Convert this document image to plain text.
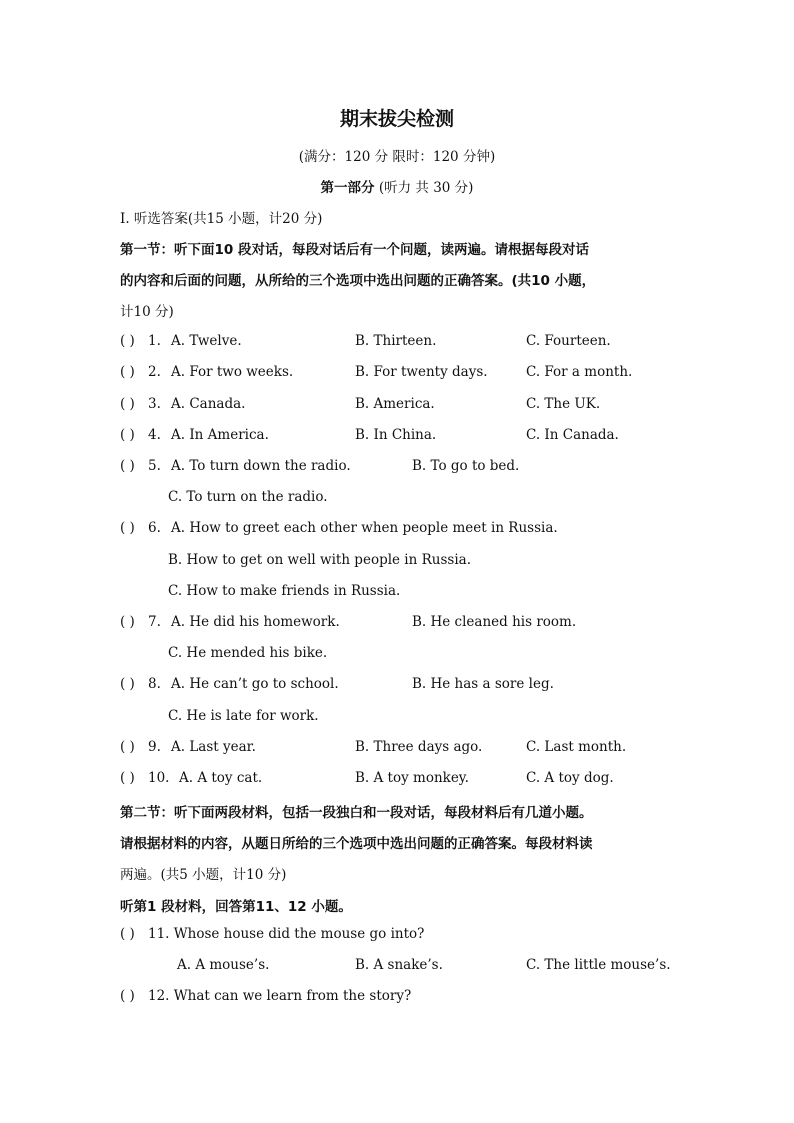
期末拔尖检测
(满分：120 分 限时：120 分钟)
第一部分 (听力 共 30 分)
I. 听选答案(共15 小题，计20 分)
第一节：听下面10 段对话，每段对话后有一个问题，读两遍。请根据每段对话
的内容和后面的问题，从所给的三个选项中选出问题的正确答案。(共10 小题，
计10 分)
( ) 1. A. Twelve.	B. Thirteen.	C. Fourteen.
( ) 2. A. For two weeks.	B. For twenty days.	C. For a month.
( ) 3. A. Canada.	B. America.	C. The UK.
( ) 4. A. In America.	B. In China.	C. In Canada.
( ) 5. A. To turn down the radio.	B. To go to bed.
C. To turn on the radio.
( ) 6. A. How to greet each other when people meet in Russia.
B. How to get on well with people in Russia.
C. How to make friends in Russia.
( ) 7. A. He did his homework.	B. He cleaned his room.
C. He mended his bike.
( ) 8. A. He can’t go to school.	B. He has a sore leg.
C. He is late for work.
( ) 9. A. Last year.	B. Three days ago.	C. Last month.
( ) 10. A. A toy cat.	B. A toy monkey.	C. A toy dog.
第二节：听下面两段材料，包括一段独白和一段对话，每段材料后有几道小题。
请根据材料的内容，从题日所给的三个选项中选出问题的正确答案。每段材料读
两遍。(共5 小题，计10 分)
听第1 段材料，回答第11、12 小题。
( ) 11. Whose house did the mouse go into?
A. A mouse’s.	B. A snake’s.	C. The little mouse’s.
( ) 12. What can we learn from the story?
